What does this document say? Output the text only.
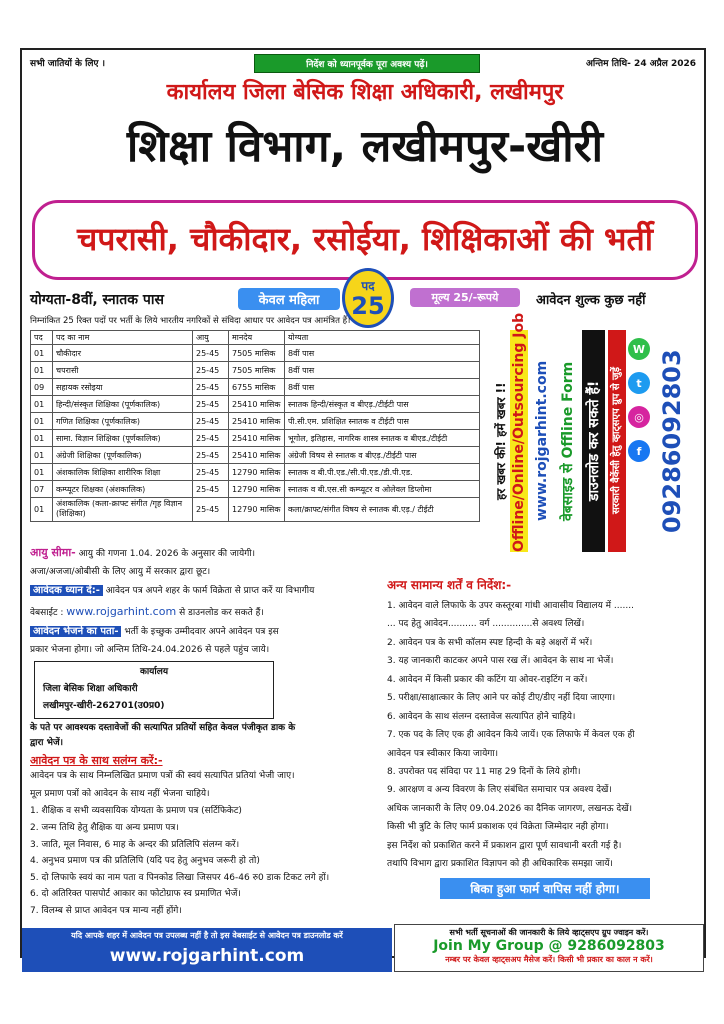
सभी जातियों के लिए ।	निर्देश को ध्यानपूर्वक पूरा अवश्य पढ़ें।	अन्तिम तिथि- 24 अप्रैल 2026
कार्यालय जिला बेसिक शिक्षा अधिकारी, लखीमपुर
शिक्षा विभाग, लखीमपुर-खीरी
चपरासी, चौकीदार, रसोईया, शिक्षिकाओं की भर्ती
योग्यता-8वीं, स्नातक पास	केवल महिला
पद
25	मूल्य 25/-रूपये	आवेदन शुल्क कुछ नहीं
निम्नांकित 25 रिक्त पदों पर भर्ती के लिये भारतीय नगरिकों से संविदा आधार पर आवेदन पत्र आमंत्रित हैं।
पद	पद का नाम	आयु	मानदेय	योग्यता
01	चौकीदार	25-45	7505 मासिक	8वीं पास
01	चपरासी	25-45	7505 मासिक	8वीं पास
09	सहायक रसोइया	25-45	6755 मासिक	8वीं पास
01	हिन्दी/संस्कृत शिक्षिका (पूर्णकालिक)	25-45	25410 मासिक	स्नातक हिन्दी/संस्कृत व बीएड़./टीईटी पास
01	गणित शिक्षिका (पूर्णकालिक)	25-45	25410 मासिक	पी.सी.एम. प्रशिक्षित स्नातक व टीईटी पास
01	सामा. विज्ञान शिक्षिका (पूर्णकालिक)	25-45	25410 मासिक	भूगोल, इतिहास, नागरिक शास्त्र स्नातक व बीएड./टीईटी
01	अंग्रेजी शिक्षिका (पूर्णकालिक)	25-45	25410 मासिक	अंग्रेजी विषय से स्नातक व बीएड़./टीईटी पास
01	अंशकालिक शिक्षिका शारीरिक शिक्षा	25-45	12790 मासिक	स्नातक व बी.पी.एड./सी.पी.एड./डी.पी.एड.
07	कम्प्यूटर शिक्षका (अंशकालिक)	25-45	12790 मासिक	स्नातक व बी.एस.सी कम्प्यूटर व ओलेवल डिप्लोमा
01	अंशकालिक (कला-क्राफ्ट संगीत /गृह विज्ञान (शिक्षिका)	25-45	12790 मासिक	कला/क्राफ्ट/संगीत विषय से स्नातक बी.एड़./ टीईटी
हर खबर की! हमें खबर !! Offline/Online/Outsourcing Job www.rojgarhint.com वेबसाइड से Offline Form डाउनलोड कर सकते हैं! सरकारी वैकेंसी हेतु व्हाट्सएप ग्रुप से जुड़ें
W
t
◎
f 09286092803
आयु सीमा- आयु की गणना 1.04. 2026 के अनुसार की जायेगी।
अजा/अजजा/ओबीसी के लिए आयु में सरकार द्वारा छूट।
आवेदक ध्यान दें:- आवेदन पत्र अपने शहर के फार्म विक्रेता से प्राप्त करें या विभागीय
वेबसाईट : www.rojgarhint.com से डाउनलोड कर सकते हैं।
आवेदन भेजने का पता- भर्ती के इच्छुक उम्मीदवार अपने आवेदन पत्र इस
प्रकार भेजना होगा। जो अन्तिम तिथि-24.04.2026 से पहले पहुंच जाये।
कार्यालय
जिला बेसिक शिक्षा अधिकारी
लखीमपुर-खीरी-262701(उ0प्र0)
के पते पर आवश्यक दस्तावेजों की सत्यापित प्रतियों सहित केवल पंजीकृत डाक के
द्वारा भेजें।
आवेदन पत्र के साथ सलंग्न करें:-
आवेदन पत्र के साथ निम्नलिखित प्रमाण पत्रों की स्वयं सत्यापित प्रतियां भेजी जाए।
मूल प्रमाण पत्रों को आवेदन के साथ नहीं भेजना चाहिये।
1. शैक्षिक व सभी व्यवसायिक योग्यता के प्रमाण पत्र (सर्टिफिकेट)
2. जन्म तिथि हेतु शैक्षिक या अन्य प्रमाण पत्र।
3. जाति, मूल निवास, 6 माह के अन्दर की प्रतिलिपि संलग्न करें।
4. अनुभव प्रमाण पत्र की प्रतिलिपि (यदि पद हेतु अनुभव जरूरी हो तो)
5. दो लिफाफे स्वयं का नाम पता व पिनकोड लिखा जिसपर 46-46 रु0 डाक टिकट लगे हों।
6. दो अतिरिक्त पासपोर्ट आकार का फोटोग्राफ स्व प्रमाणित भेजें।
7. विलम्ब से प्राप्त आवेदन पत्र मान्य नहीं होंगे।
अन्य सामान्य शर्तें व निर्देश:-
1. आवेदन वाले लिफाफे के उपर कस्तूरबा गांधी आवासीय विद्यालय में .......
... पद हेतु आवेदन.......... वर्ग ..............से अवश्य लिखें।
2. आवेदन पत्र के सभी कॉलम स्पष्ट हिन्दी के बड़े अक्षरों में भरें।
3. यह जानकारी काटकर अपने पास रख लें। आवेदन के साथ ना भेजें।
4. आवेदन में किसी प्रकार की कटिंग या ओवर-राइटिंग न करें।
5. परीक्षा/साक्षात्कार के लिए आने पर कोई टीए/डीए नहीं दिया जाएगा।
6. आवेदन के साथ संलग्न दस्तावेज सत्यापित होने चाहिये।
7. एक पद के लिए एक ही आवेदन किये जायें। एक लिफाफे में केवल एक ही
आवेदन पत्र स्वीकार किया जायेगा।
8. उपरोक्त पद संविदा पर 11 माह 29 दिनों के लिये होगी।
9. आरक्षण व अन्य विवरण के लिए संबंधित समाचार पत्र अवश्य देखें।
अधिक जानकारी के लिए 09.04.2026 का दैनिक जागरण, लखनऊ देखें।
किसी भी त्रुटि के लिए फार्म प्रकाशक एवं विक्रेता जिम्मेदार नही होगा।
इस निर्देश को प्रकाशित करने में प्रकाशन द्वारा पूर्ण सावधानी बरती गई है।
तथापि विभाग द्वारा प्रकाशित विज्ञापन को ही अधिकारिक समझा जायें।
बिका हुआ फार्म वापिस नहीं होगा।
यदि आपके शहर में आवेदन पत्र उपलब्ध नहीं है तो इस वेबसाईट से आवेदन पत्र डाउनलोड करें
www.rojgarhint.com
सभी भर्ती सूचनाओं की जानकारी के लिये व्हाट्सएप ग्रुप ज्वाइन करें।
Join My Group @ 9286092803
नम्बर पर केवल व्हाट्सअप मैसेज करें। किसी भी प्रकार का काल न करें।
